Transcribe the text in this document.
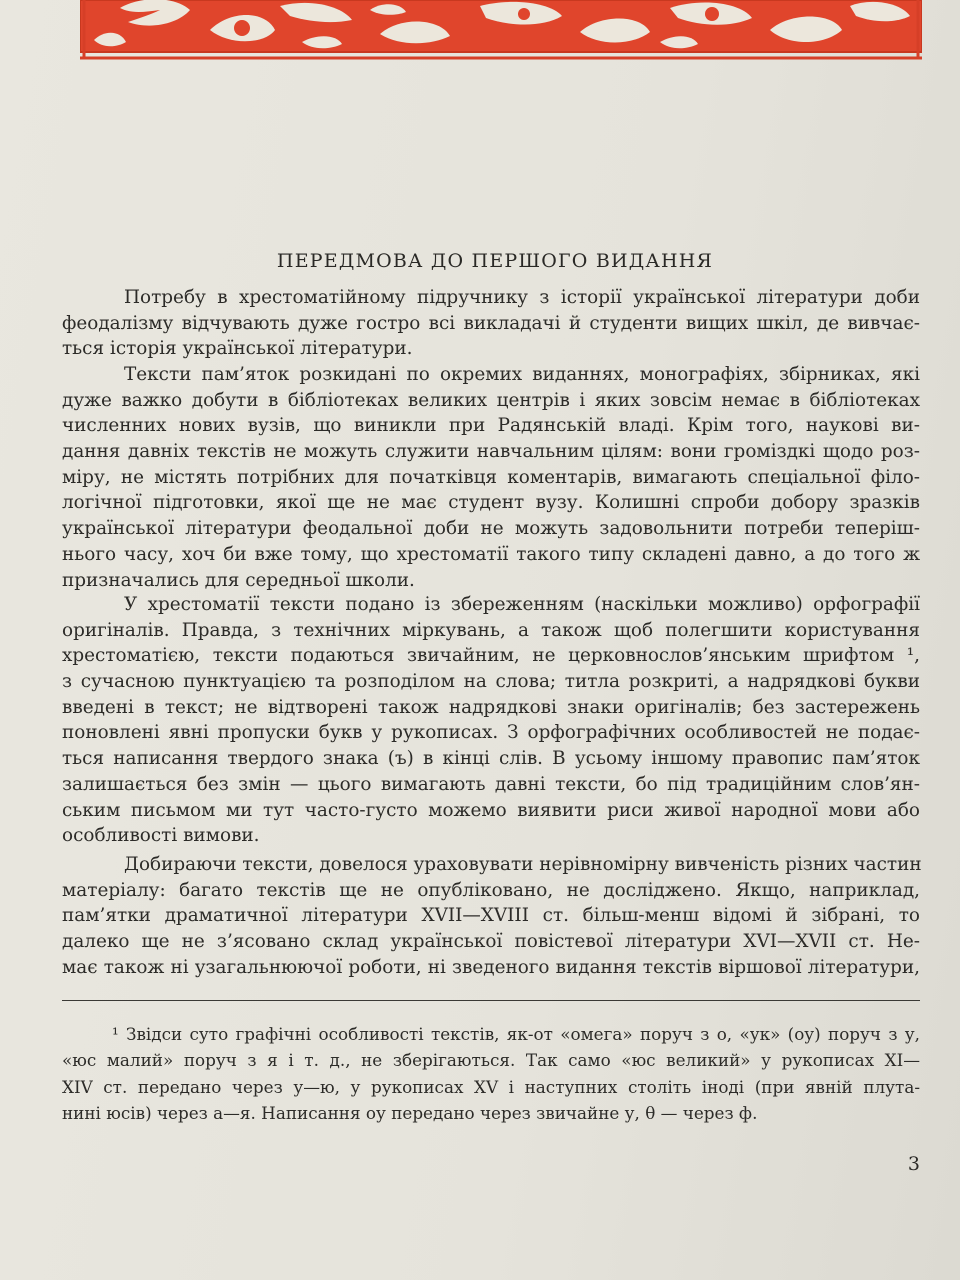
ПЕРЕДМОВА ДО ПЕРШОГО ВИДАННЯ
Потребу в хрестоматійному підручнику з історії української літератури доби
феодалізму відчувають дуже гостро всі викладачі й студенти вищих шкіл, де вивчає-
ться історія української літератури.
Тексти пам’яток розкидані по окремих виданнях, монографіях, збірниках, які
дуже важко добути в бібліотеках великих центрів і яких зовсім немає в бібліотеках
численних нових вузів, що виникли при Радянській владі. Крім того, наукові ви-
дання давніх текстів не можуть служити навчальним цілям: вони громіздкі щодо роз-
міру, не містять потрібних для початківця коментарів, вимагають спеціальної філо-
логічної підготовки, якої ще не має студент вузу. Колишні спроби добору зразків
української літератури феодальної доби не можуть задовольнити потреби теперіш-
нього часу, хоч би вже тому, що хрестоматії такого типу складені давно, а до того ж
призначались для середньої школи.
У хрестоматії тексти подано із збереженням (наскільки можливо) орфографії
оригіналів. Правда, з технічних міркувань, а також щоб полегшити користування
хрестоматією, тексти подаються звичайним, не церковнослов’янським шрифтом ¹,
з сучасною пунктуацією та розподілом на слова; титла розкриті, а надрядкові букви
введені в текст; не відтворені також надрядкові знаки оригіналів; без застережень
поновлені явні пропуски букв у рукописах. З орфографічних особливостей не подає-
ться написання твердого знака (ъ) в кінці слів. В усьому іншому правопис пам’яток
залишається без змін — цього вимагають давні тексти, бо під традиційним слов’ян-
ським письмом ми тут часто-густо можемо виявити риси живої народної мови або
особливості вимови.
Добираючи тексти, довелося ураховувати нерівномірну вивченість різних частин
матеріалу: багато текстів ще не опубліковано, не досліджено. Якщо, наприклад,
пам’ятки драматичної літератури XVII—XVIII ст. більш-менш відомі й зібрані, то
далеко ще не з’ясовано склад української повістевої літератури XVI—XVII ст. Не-
має також ні узагальнюючої роботи, ні зведеного видання текстів віршової літератури,
¹ Звідси суто графічні особливості текстів, як-от «омега» поруч з о, «ук» (оу) поруч з у,
«юс малий» поруч з я і т. д., не зберігаються. Так само «юс великий» у рукописах XI—
XIV ст. передано через у—ю, у рукописах XV і наступних століть іноді (при явній плута-
нині юсів) через а—я. Написання оу передано через звичайне у, θ — через ф.
3
